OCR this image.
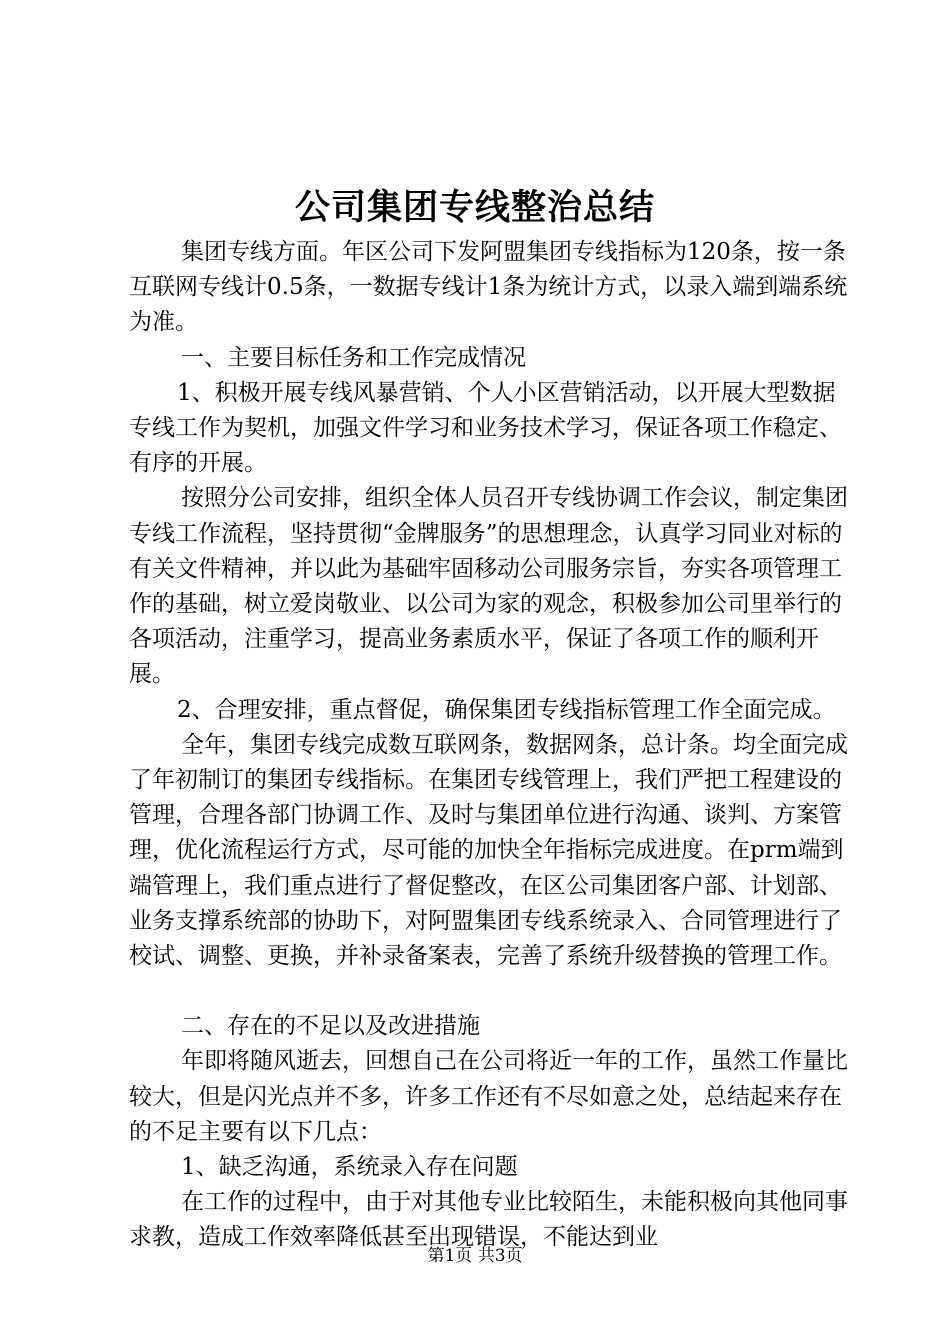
公司集团专线整治总结

集团专线方面。年区公司下发阿盟集团专线指标为120条，按一条互联网专线计0.5条，一数据专线计1条为统计方式，以录入端到端系统为准。

一、主要目标任务和工作完成情况

1、积极开展专线风暴营销、个人小区营销活动，以开展大型数据专线工作为契机，加强文件学习和业务技术学习，保证各项工作稳定、有序的开展。

按照分公司安排，组织全体人员召开专线协调工作会议，制定集团专线工作流程，坚持贯彻“金牌服务”的思想理念，认真学习同业对标的有关文件精神，并以此为基础牢固移动公司服务宗旨，夯实各项管理工作的基础，树立爱岗敬业、以公司为家的观念，积极参加公司里举行的各项活动，注重学习，提高业务素质水平，保证了各项工作的顺利开展。

2、合理安排，重点督促，确保集团专线指标管理工作全面完成。

全年，集团专线完成数互联网条，数据网条，总计条。均全面完成了年初制订的集团专线指标。在集团专线管理上，我们严把工程建设的管理，合理各部门协调工作、及时与集团单位进行沟通、谈判、方案管理，优化流程运行方式，尽可能的加快全年指标完成进度。在prm端到端管理上，我们重点进行了督促整改，在区公司集团客户部、计划部、业务支撑系统部的协助下，对阿盟集团专线系统录入、合同管理进行了校试、调整、更换，并补录备案表，完善了系统升级替换的管理工作。

二、存在的不足以及改进措施

年即将随风逝去，回想自己在公司将近一年的工作，虽然工作量比较大，但是闪光点并不多，许多工作还有不尽如意之处，总结起来存在的不足主要有以下几点：

1、缺乏沟通，系统录入存在问题

在工作的过程中，由于对其他专业比较陌生，未能积极向其他同事求教，造成工作效率降低甚至出现错误，不能达到业

第1页 共3页
